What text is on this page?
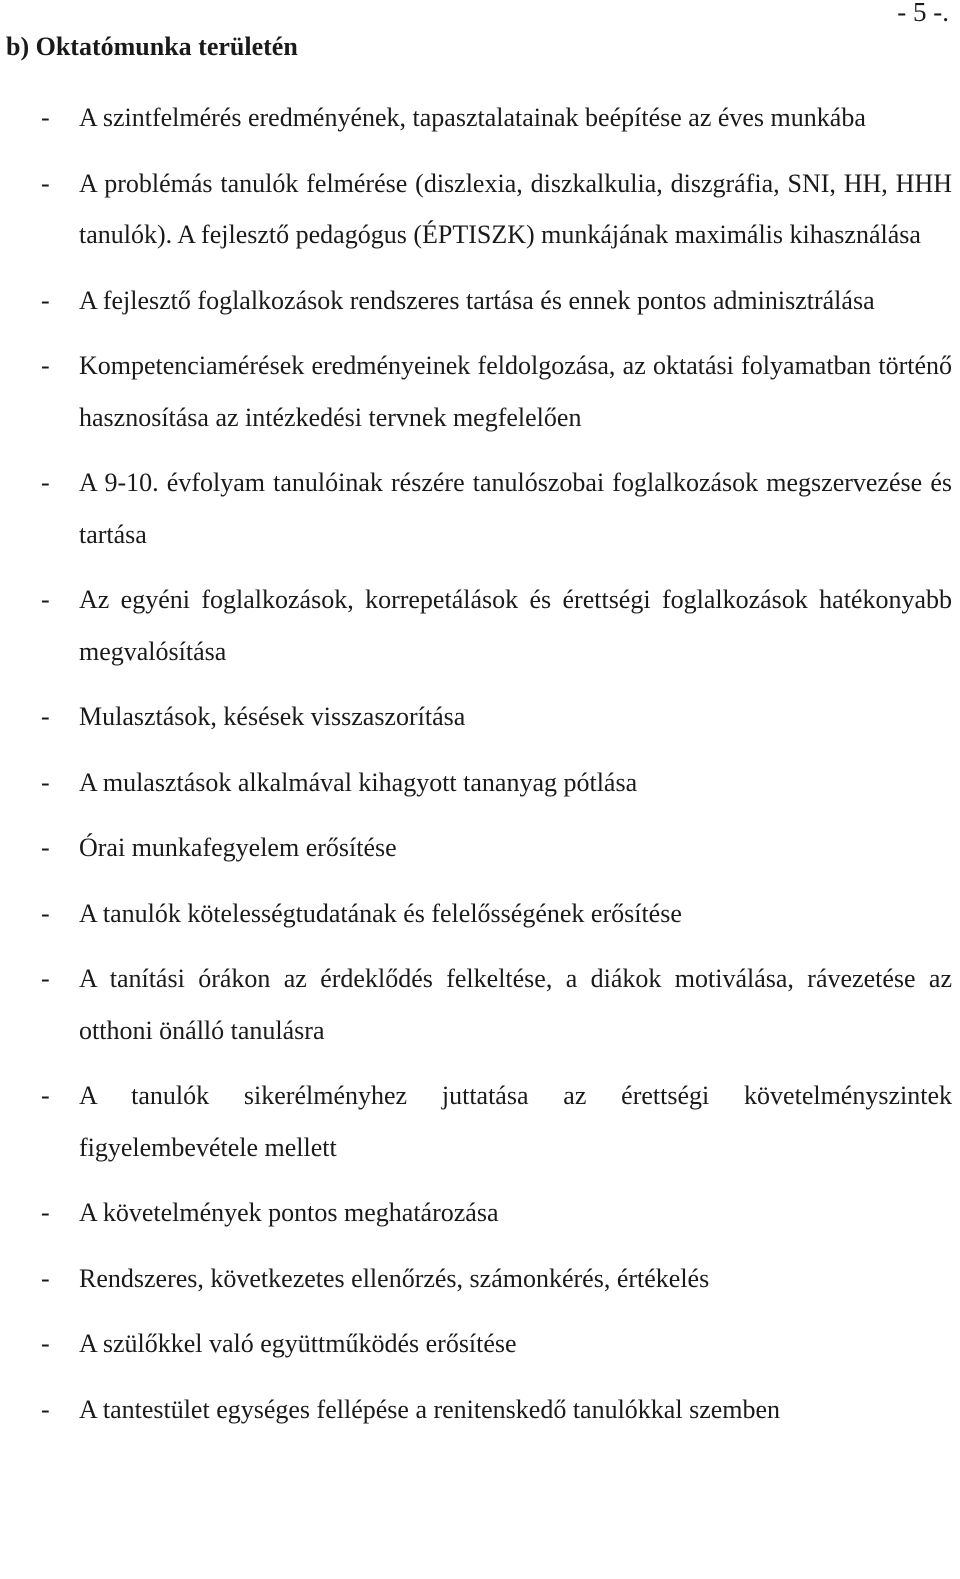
- 5 -.
b) Oktatómunka területén
- A szintfelmérés eredményének, tapasztalatainak beépítése az éves munkába
- A problémás tanulók felmérése (diszlexia, diszkalkulia, diszgráfia, SNI, HH, HHH tanulók). A fejlesztő pedagógus (ÉPTISZK) munkájának maximális kihasználása
- A fejlesztő foglalkozások rendszeres tartása és ennek pontos adminisztrálása
- Kompetenciamérések eredményeinek feldolgozása, az oktatási folyamatban történő hasznosítása az intézkedési tervnek megfelelően
- A 9-10. évfolyam tanulóinak részére tanulószobai foglalkozások megszervezése és tartása
- Az egyéni foglalkozások, korrepetálások és érettségi foglalkozások hatékonyabb megvalósítása
- Mulasztások, késések visszaszorítása
- A mulasztások alkalmával kihagyott tananyag pótlása
- Órai munkafegyelem erősítése
- A tanulók kötelességtudatának és felelősségének erősítése
- A tanítási órákon az érdeklődés felkeltése, a diákok motiválása, rávezetése az otthoni önálló tanulásra
- A tanulók sikerélményhez juttatása az érettségi követelményszintek figyelembevétele mellett
- A követelmények pontos meghatározása
- Rendszeres, következetes ellenőrzés, számonkérés, értékelés
- A szülőkkel való együttműködés erősítése
- A tantestület egységes fellépése a renitenskedő tanulókkal szemben
